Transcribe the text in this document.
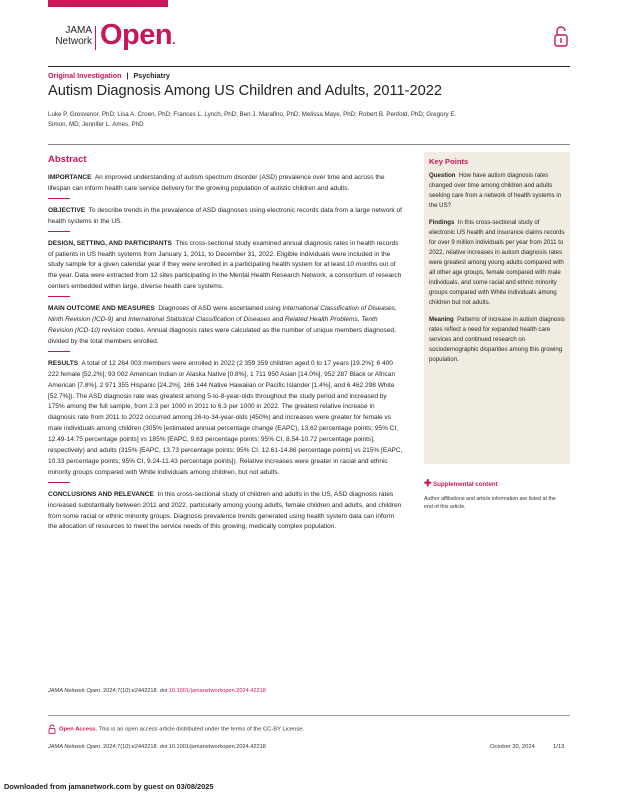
JAMA
Network Open.
Original Investigation | Psychiatry
Autism Diagnosis Among US Children and Adults, 2011-2022
Luke P. Grosvenor, PhD; Lisa A. Croen, PhD; Frances L. Lynch, PhD; Ben J. Marafino, PhD; Melissa Maye, PhD; Robert B. Penfold, PhD; Gregory E. Simon, MD; Jennifer L. Ames, PhD
Abstract

IMPORTANCE An improved understanding of autism spectrum disorder (ASD) prevalence over time and across the lifespan can inform health care service delivery for the growing population of autistic children and adults.

OBJECTIVE To describe trends in the prevalence of ASD diagnoses using electronic records data from a large network of health systems in the US.

DESIGN, SETTING, AND PARTICIPANTS This cross-sectional study examined annual diagnosis rates in health records of patients in US health systems from January 1, 2011, to December 31, 2022. Eligible individuals were included in the study sample for a given calendar year if they were enrolled in a participating health system for at least 10 months out of the year. Data were extracted from 12 sites participating in the Mental Health Research Network, a consortium of research centers embedded within large, diverse health care systems.

MAIN OUTCOME AND MEASURES Diagnoses of ASD were ascertained using International Classification of Diseases, Ninth Revision (ICD-9) and International Statistical Classification of Diseases and Related Health Problems, Tenth Revision (ICD-10) revision codes. Annual diagnosis rates were calculated as the number of unique members diagnosed, divided by the total members enrolled.

RESULTS A total of 12 264 003 members were enrolled in 2022 (2 359 359 children aged 0 to 17 years [19.2%]; 6 400 222 female [52.2%]; 93 002 American Indian or Alaska Native [0.8%], 1 711 950 Asian [14.0%], 952 287 Black or African American [7.8%], 2 971 355 Hispanic [24.2%], 166 144 Native Hawaiian or Pacific Islander [1.4%], and 6 462 298 White [52.7%]). The ASD diagnosis rate was greatest among 5-to-8-year-olds throughout the study period and increased by 175% among the full sample, from 2.3 per 1000 in 2011 to 6.3 per 1000 in 2022. The greatest relative increase in diagnosis rate from 2011 to 2022 occurred among 26-to-34-year-olds (450%) and increases were greater for female vs male individuals among children (305% [estimated annual percentage change (EAPC), 13.62 percentage points; 95% CI, 12.49-14.75 percentage points] vs 185% [EAPC, 9.63 percentage points; 95% CI, 8.54-10.72 percentage points], respectively) and adults (315% [EAPC, 13.73 percentage points; 95% CI, 12.61-14.86 percentage points] vs 215% [EAPC, 10.33 percentage points; 95% CI, 9.24-11.43 percentage points]). Relative increases were greater in racial and ethnic minority groups compared with White individuals among children, but not adults.

CONCLUSIONS AND RELEVANCE In this cross-sectional study of children and adults in the US, ASD diagnosis rates increased substantially between 2011 and 2022, particularly among young adults, female children and adults, and children from some racial or ethnic minority groups. Diagnosis prevalence trends generated using health system data can inform the allocation of resources to meet the service needs of this growing, medically complex population.

Key Points

Question How have autism diagnosis rates changed over time among children and adults seeking care from a network of health systems in the US?

Findings In this cross-sectional study of electronic US health and insurance claims records for over 9 million individuals per year from 2011 to 2022, relative increases in autism diagnosis rates were greatest among young adults compared with all other age groups, female compared with male individuals, and some racial and ethnic minority groups compared with White individuals among children but not adults.

Meaning Patterns of increase in autism diagnosis rates reflect a need for expanded health care services and continued research on sociodemographic disparities among this growing population.

✚Supplemental content
Author affiliations and article information are listed at the end of this article.
JAMA Network Open. 2024;7(10):e2442218. doi:10.1001/jamanetworkopen.2024.42218
Open Access. This is an open access article distributed under the terms of the CC-BY License.
JAMA Network Open. 2024;7(10):e2442218. doi:10.1001/jamanetworkopen.2024.42218	October 30, 2024	1/13
Downloaded from jamanetwork.com by guest on 03/08/2025
